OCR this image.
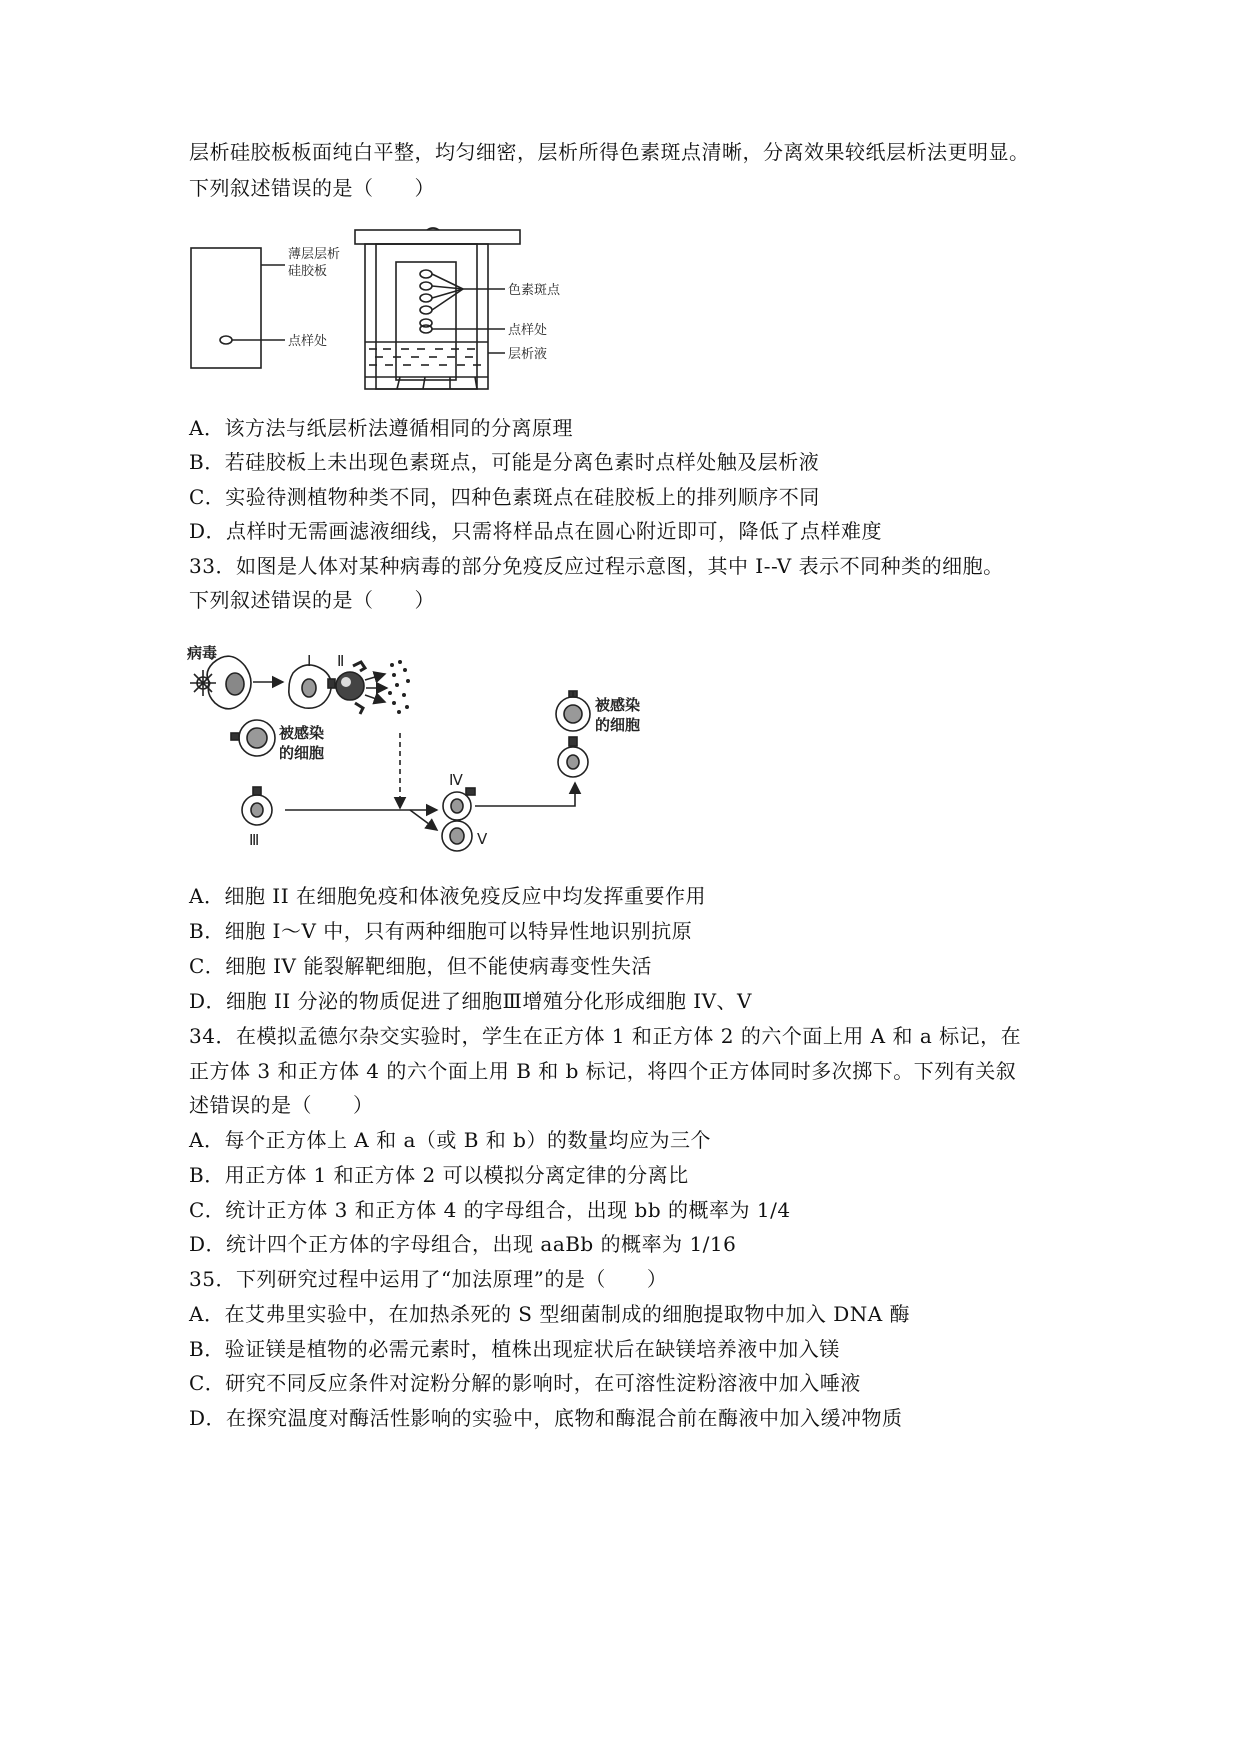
层析硅胶板板面纯白平整，均匀细密，层析所得色素斑点清晰，分离效果较纸层析法更明显。
下列叙述错误的是（　　）
薄层层析
硅胶板
点样处
色素斑点
点样处
层析液
A．该方法与纸层析法遵循相同的分离原理
B．若硅胶板上未出现色素斑点，可能是分离色素时点样处触及层析液
C．实验待测植物种类不同，四种色素斑点在硅胶板上的排列顺序不同
D．点样时无需画滤液细线，只需将样品点在圆心附近即可，降低了点样难度
33．如图是人体对某种病毒的部分免疫反应过程示意图，其中 I--V 表示不同种类的细胞。
下列叙述错误的是（　　）
病毒	Ⅰ Ⅱ
Ⅲ
Ⅳ
Ⅴ
被感染
的细胞
被感染
的细胞
A．细胞 II 在细胞免疫和体液免疫反应中均发挥重要作用
B．细胞 I～V 中，只有两种细胞可以特异性地识别抗原
C．细胞 IV 能裂解靶细胞，但不能使病毒变性失活
D．细胞 II 分泌的物质促进了细胞Ⅲ增殖分化形成细胞 IV、V
34．在模拟孟德尔杂交实验时，学生在正方体 1 和正方体 2 的六个面上用 A 和 a 标记，在
正方体 3 和正方体 4 的六个面上用 B 和 b 标记，将四个正方体同时多次掷下。下列有关叙
述错误的是（　　）
A．每个正方体上 A 和 a（或 B 和 b）的数量均应为三个
B．用正方体 1 和正方体 2 可以模拟分离定律的分离比
C．统计正方体 3 和正方体 4 的字母组合，出现 bb 的概率为 1/4
D．统计四个正方体的字母组合，出现 aaBb 的概率为 1/16
35．下列研究过程中运用了“加法原理”的是（　　）
A．在艾弗里实验中，在加热杀死的 S 型细菌制成的细胞提取物中加入 DNA 酶
B．验证镁是植物的必需元素时，植株出现症状后在缺镁培养液中加入镁
C．研究不同反应条件对淀粉分解的影响时，在可溶性淀粉溶液中加入唾液
D．在探究温度对酶活性影响的实验中，底物和酶混合前在酶液中加入缓冲物质
